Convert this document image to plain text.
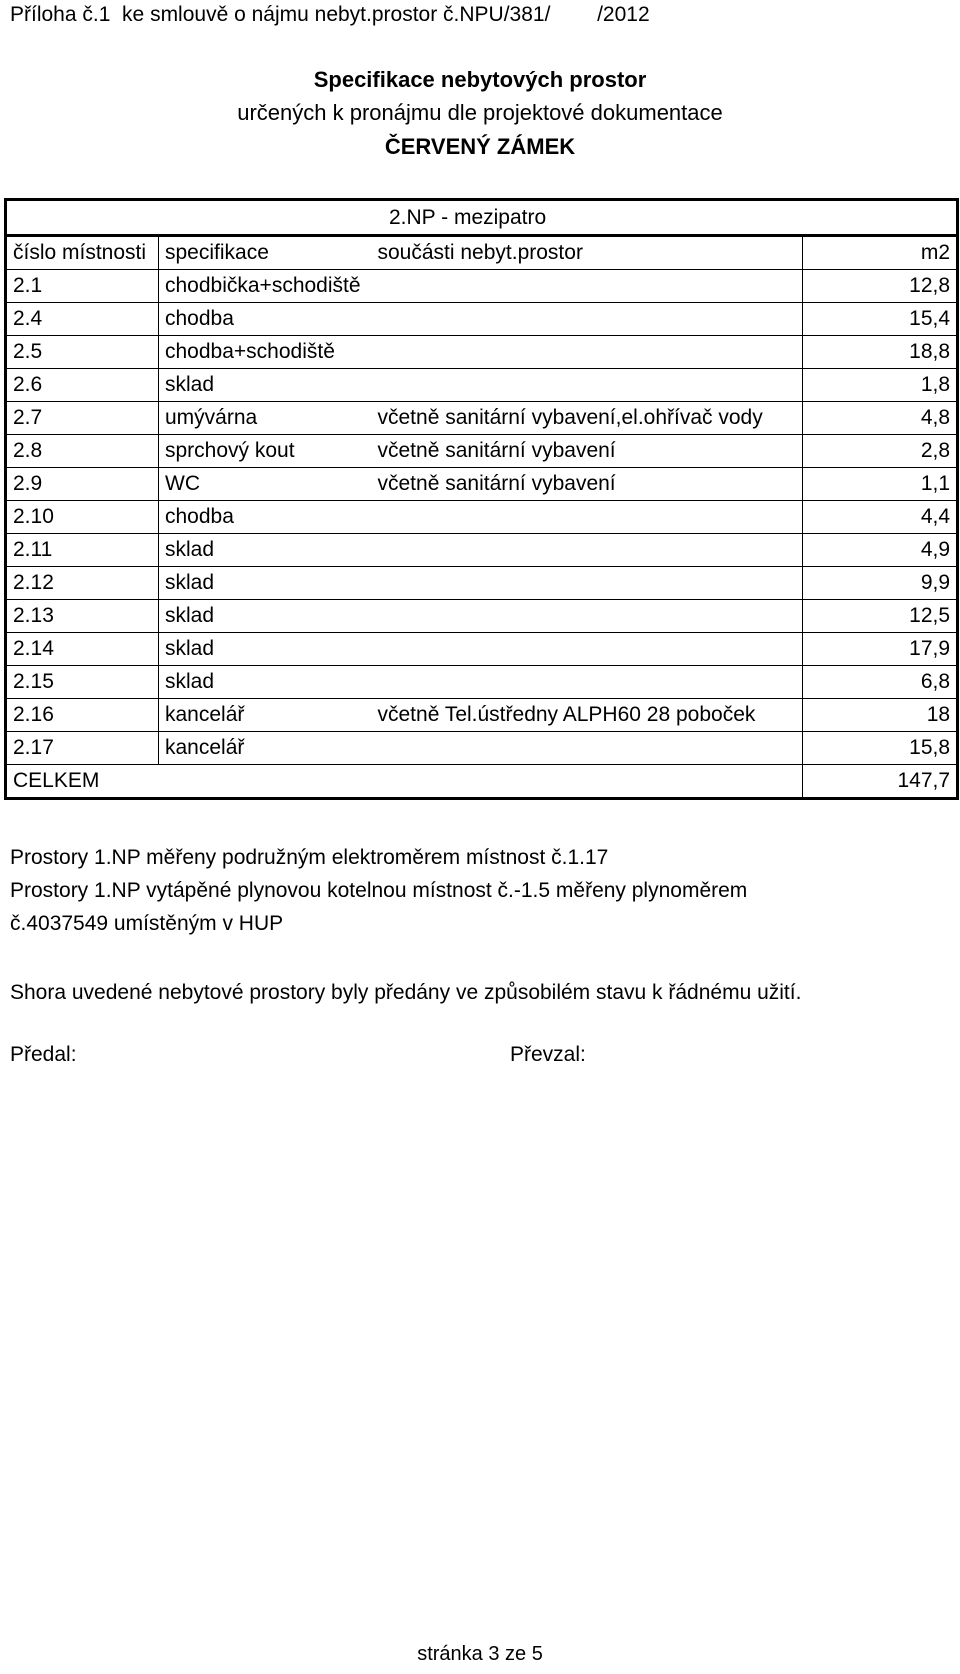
Příloha č.1  ke smlouvě o nájmu nebyt.prostor č.NPU/381/        /2012
Specifikace nebytových prostor
určených k pronájmu dle projektové dokumentace
ČERVENÝ ZÁMEK
2.NP - mezipatro			
číslo místnosti	specifikace	součásti nebyt.prostor	m2
2.1	chodbička+schodiště		12,8
2.4	chodba		15,4
2.5	chodba+schodiště		18,8
2.6	sklad		1,8
2.7	umývárna	včetně sanitární vybavení,el.ohřívač vody	4,8
2.8	sprchový kout	včetně sanitární vybavení	2,8
2.9	WC	včetně sanitární vybavení	1,1
2.10	chodba		4,4
2.11	sklad		4,9
2.12	sklad		9,9
2.13	sklad		12,5
2.14	sklad		17,9
2.15	sklad		6,8
2.16	kancelář	včetně Tel.ústředny ALPH60 28 poboček	18
2.17	kancelář		15,8
CELKEM			147,7
Prostory 1.NP měřeny podružným elektroměrem místnost č.1.17
Prostory 1.NP vytápěné plynovou kotelnou místnost č.-1.5 měřeny plynoměrem
č.4037549 umístěným v HUP
Shora uvedené nebytové prostory byly předány ve způsobilém stavu k řádnému užití.
Předal:	Převzal:
stránka 3 ze 5
